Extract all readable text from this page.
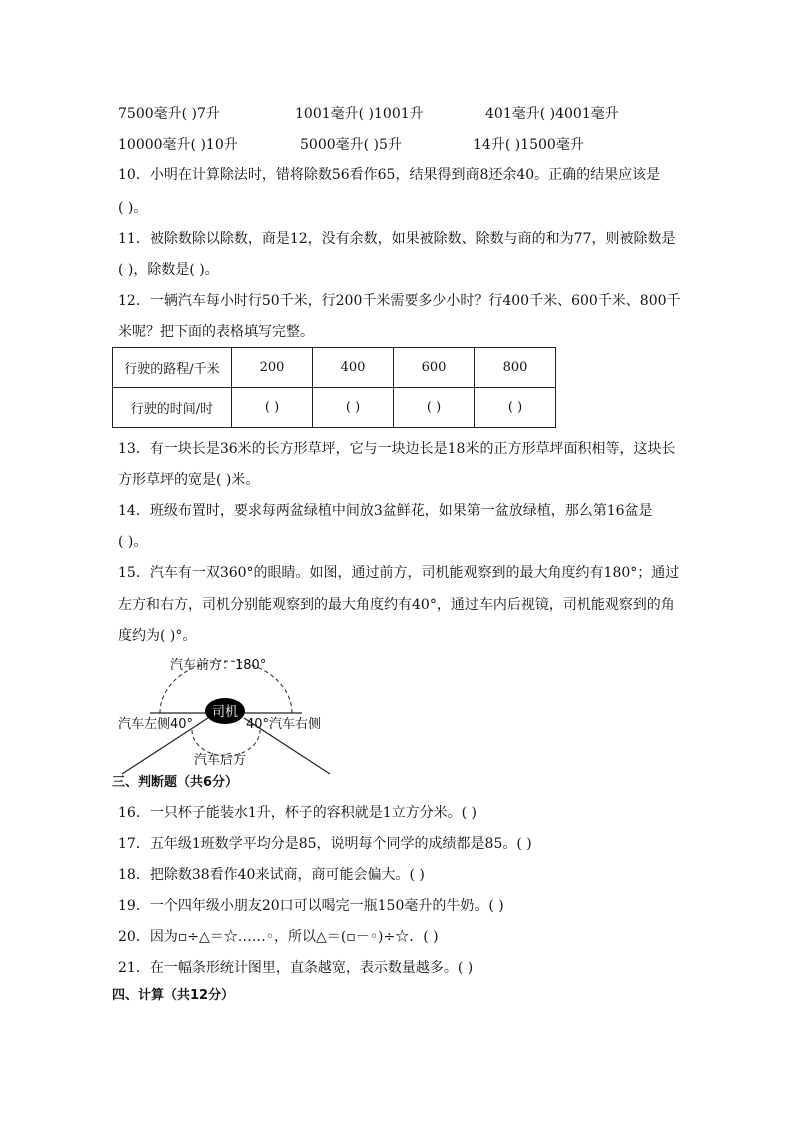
7500毫升( )7升	1001毫升( )1001升	401毫升( )4001毫升
10000毫升( )10升	5000毫升( )5升	14升( )1500毫升
10．小明在计算除法时，错将除数56看作65，结果得到商8还余40。正确的结果应该是
( )。
11．被除数除以除数，商是12，没有余数，如果被除数、除数与商的和为77，则被除数是
( )，除数是( )。
12．一辆汽车每小时行50千米，行200千米需要多少小时？行400千米、600千米、800千
米呢？把下面的表格填写完整。
行驶的路程/千米	200	400	600	800
行驶的时间/时	( )	( )	( )	( )
13．有一块长是36米的长方形草坪，它与一块边长是18米的正方形草坪面积相等，这块长
方形草坪的宽是( )米。
14．班级布置时，要求每两盆绿植中间放3盆鲜花，如果第一盆放绿植，那么第16盆是
( )。
15．汽车有一双360°的眼睛。如图，通过前方，司机能观察到的最大角度约有180°；通过
左方和右方，司机分别能观察到的最大角度约有40°，通过车内后视镜，司机能观察到的角
度约为( )°。
司机
汽车前方：180°
汽车左侧40°	40°汽车右侧
汽车后方
三、判断题（共6分）
16．一只杯子能装水1升，杯子的容积就是1立方分米。( )
17．五年级1班数学平均分是85，说明每个同学的成绩都是85。( )
18．把除数38看作40来试商，商可能会偏大。( )
19．一个四年级小朋友20口可以喝完一瓶150毫升的牛奶。( )
20．因为▫÷△＝☆……◦，所以△＝(▫－◦)÷☆．( )
21．在一幅条形统计图里，直条越宽，表示数量越多。( )
四、计算（共12分）
